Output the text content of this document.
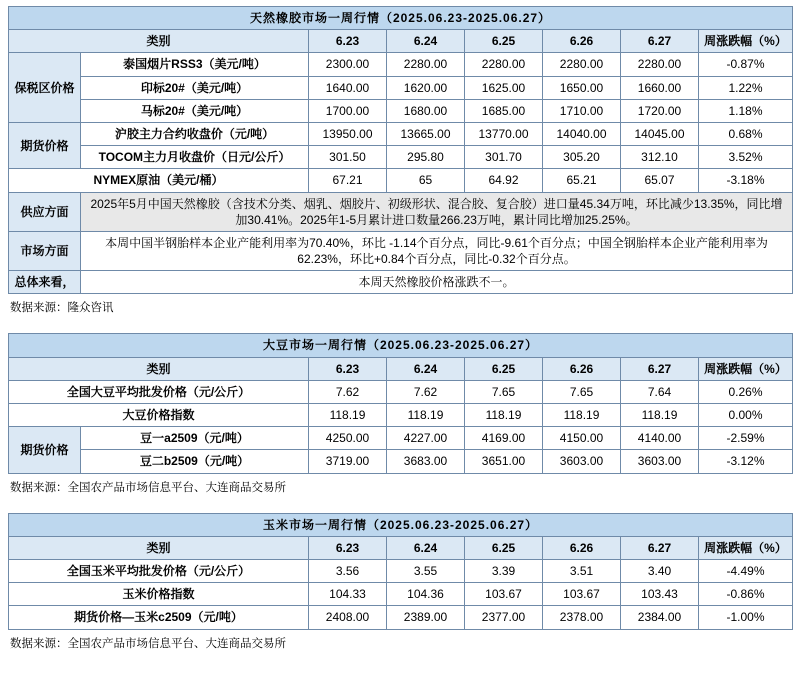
天然橡胶市场一周行情（2025.06.23-2025.06.27）							
类别		6.23	6.24	6.25	6.26	6.27	周涨跌幅（%）
保税区价格	泰国烟片RSS3（美元/吨）	2300.00	2280.00	2280.00	2280.00	2280.00	-0.87%
	印标20#（美元/吨）	1640.00	1620.00	1625.00	1650.00	1660.00	1.22%
	马标20#（美元/吨）	1700.00	1680.00	1685.00	1710.00	1720.00	1.18%
期货价格	沪胶主力合约收盘价（元/吨）	13950.00	13665.00	13770.00	14040.00	14045.00	0.68%
	TOCOM主力月收盘价（日元/公斤）	301.50	295.80	301.70	305.20	312.10	3.52%
NYMEX原油（美元/桶）		67.21	65	64.92	65.21	65.07	-3.18%
供应方面	2025年5月中国天然橡胶（含技术分类、烟乳、烟胶片、初级形状、混合胶、复合胶）进口量45.34万吨，环比减少13.35%，同比增加30.41%。2025年1-5月累计进口数量266.23万吨，累计同比增加25.25%。						
市场方面	本周中国半钢胎样本企业产能利用率为70.40%，环比 -1.14个百分点，同比-9.61个百分点；中国全钢胎样本企业产能利用率为62.23%，环比+0.84个百分点，同比-0.32个百分点。						
总体来看，	本周天然橡胶价格涨跌不一。						
数据来源：隆众咨讯
大豆市场一周行情（2025.06.23-2025.06.27）							
类别		6.23	6.24	6.25	6.26	6.27	周涨跌幅（%）
全国大豆平均批发价格（元/公斤）		7.62	7.62	7.65	7.65	7.64	0.26%
大豆价格指数		118.19	118.19	118.19	118.19	118.19	0.00%
期货价格	豆一a2509（元/吨）	4250.00	4227.00	4169.00	4150.00	4140.00	-2.59%
	豆二b2509（元/吨）	3719.00	3683.00	3651.00	3603.00	3603.00	-3.12%
数据来源：全国农产品市场信息平台、大连商品交易所
玉米市场一周行情（2025.06.23-2025.06.27）						
类别	6.23	6.24	6.25	6.26	6.27	周涨跌幅（%）
全国玉米平均批发价格（元/公斤）	3.56	3.55	3.39	3.51	3.40	-4.49%
玉米价格指数	104.33	104.36	103.67	103.67	103.43	-0.86%
期货价格—玉米c2509（元/吨）	2408.00	2389.00	2377.00	2378.00	2384.00	-1.00%
数据来源：全国农产品市场信息平台、大连商品交易所
